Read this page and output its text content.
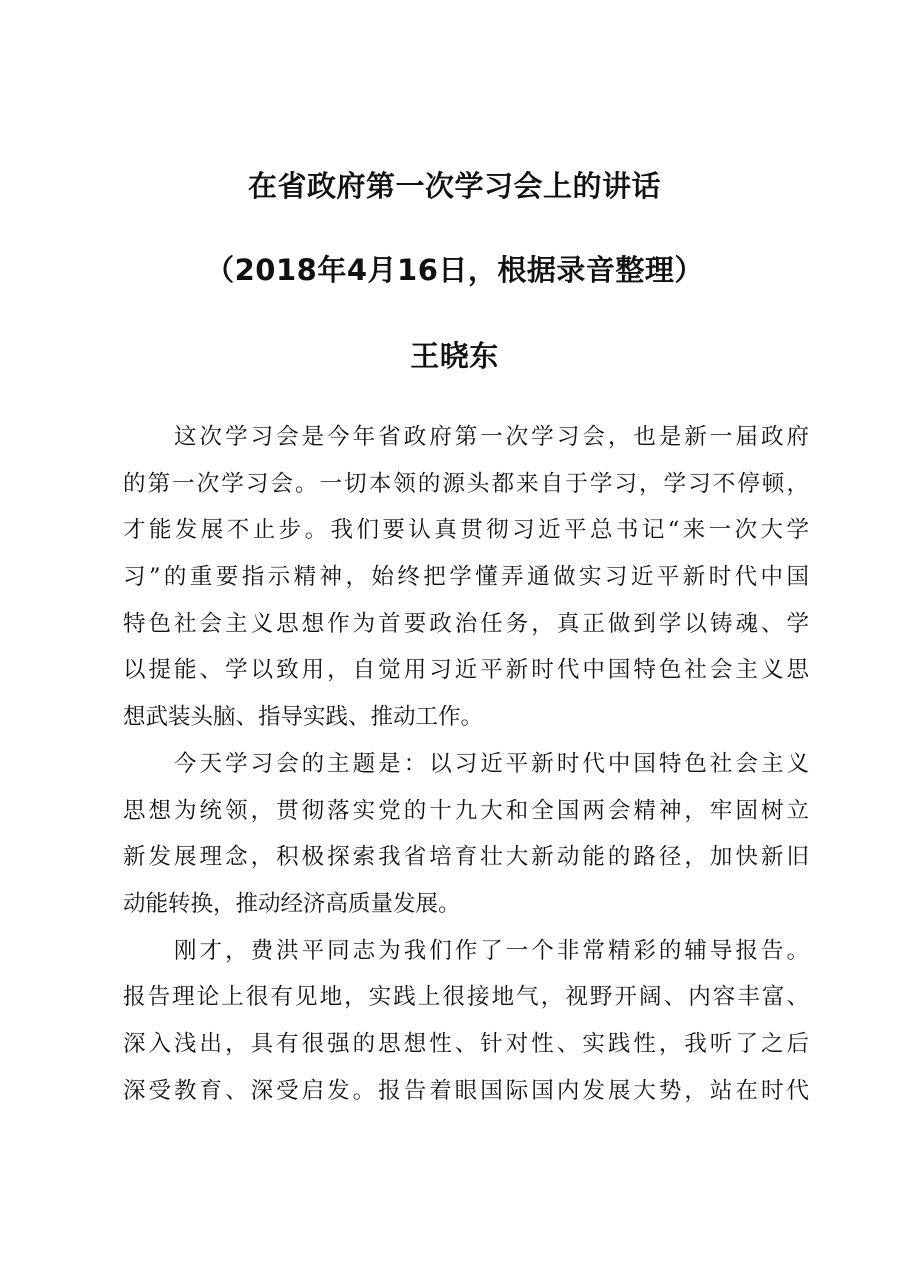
在省政府第一次学习会上的讲话
（2018年4月16日，根据录音整理）
王晓东
　　这次学习会是今年省政府第一次学习会，也是新一届政府
的第一次学习会。一切本领的源头都来自于学习，学习不停顿，
才能发展不止步。我们要认真贯彻习近平总书记“来一次大学
习”的重要指示精神，始终把学懂弄通做实习近平新时代中国
特色社会主义思想作为首要政治任务，真正做到学以铸魂、学
以提能、学以致用，自觉用习近平新时代中国特色社会主义思
想武装头脑、指导实践、推动工作。
　　今天学习会的主题是：以习近平新时代中国特色社会主义
思想为统领，贯彻落实党的十九大和全国两会精神，牢固树立
新发展理念，积极探索我省培育壮大新动能的路径，加快新旧
动能转换，推动经济高质量发展。
　　刚才，费洪平同志为我们作了一个非常精彩的辅导报告。
报告理论上很有见地，实践上很接地气，视野开阔、内容丰富、
深入浅出，具有很强的思想性、针对性、实践性，我听了之后
深受教育、深受启发。报告着眼国际国内发展大势，站在时代
